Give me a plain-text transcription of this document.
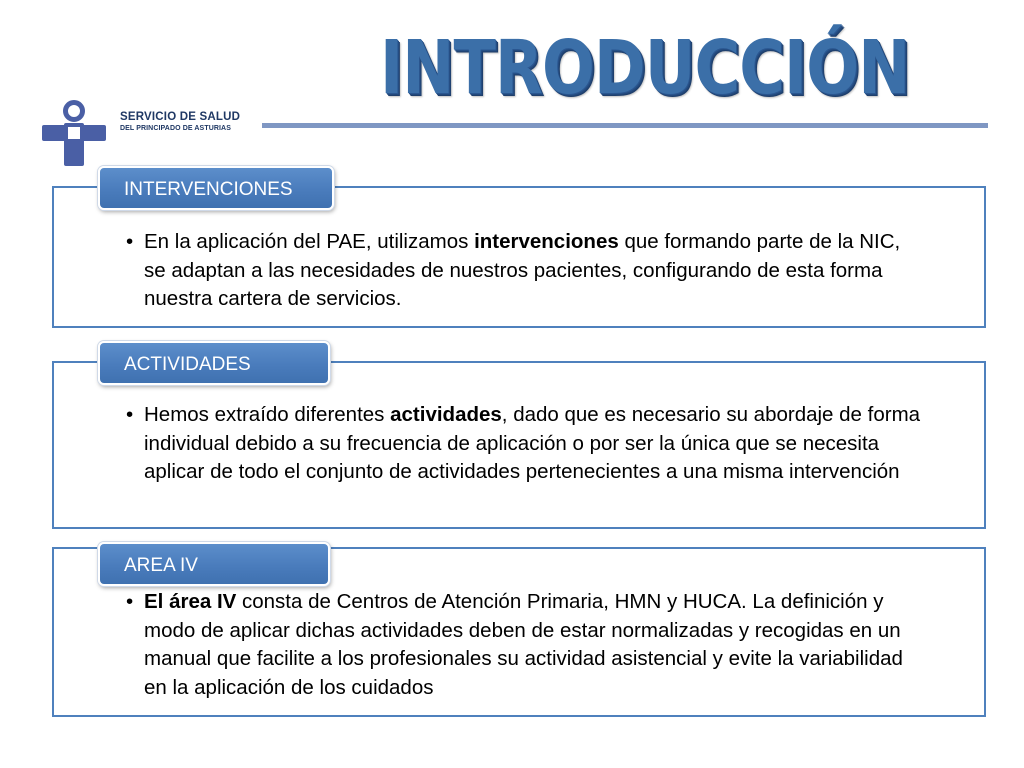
SERVICIO DE SALUD
DEL PRINCIPADO DE ASTURIAS
INTRODUCCIÓN
INTERVENCIONES
• En la aplicación del PAE, utilizamos intervenciones que formando parte de la NIC, se adaptan a las necesidades de nuestros pacientes, configurando de esta forma nuestra cartera de servicios.
ACTIVIDADES
• Hemos extraído diferentes actividades, dado que es necesario su abordaje de forma individual debido a su frecuencia de aplicación o por ser la única que se necesita aplicar de todo el conjunto de actividades pertenecientes a una misma intervención
AREA IV
• El área IV consta de Centros de Atención Primaria, HMN y HUCA. La definición y modo de aplicar dichas actividades deben de estar normalizadas y recogidas en un manual que facilite a los profesionales su actividad asistencial y evite la variabilidad en la aplicación de los cuidados
